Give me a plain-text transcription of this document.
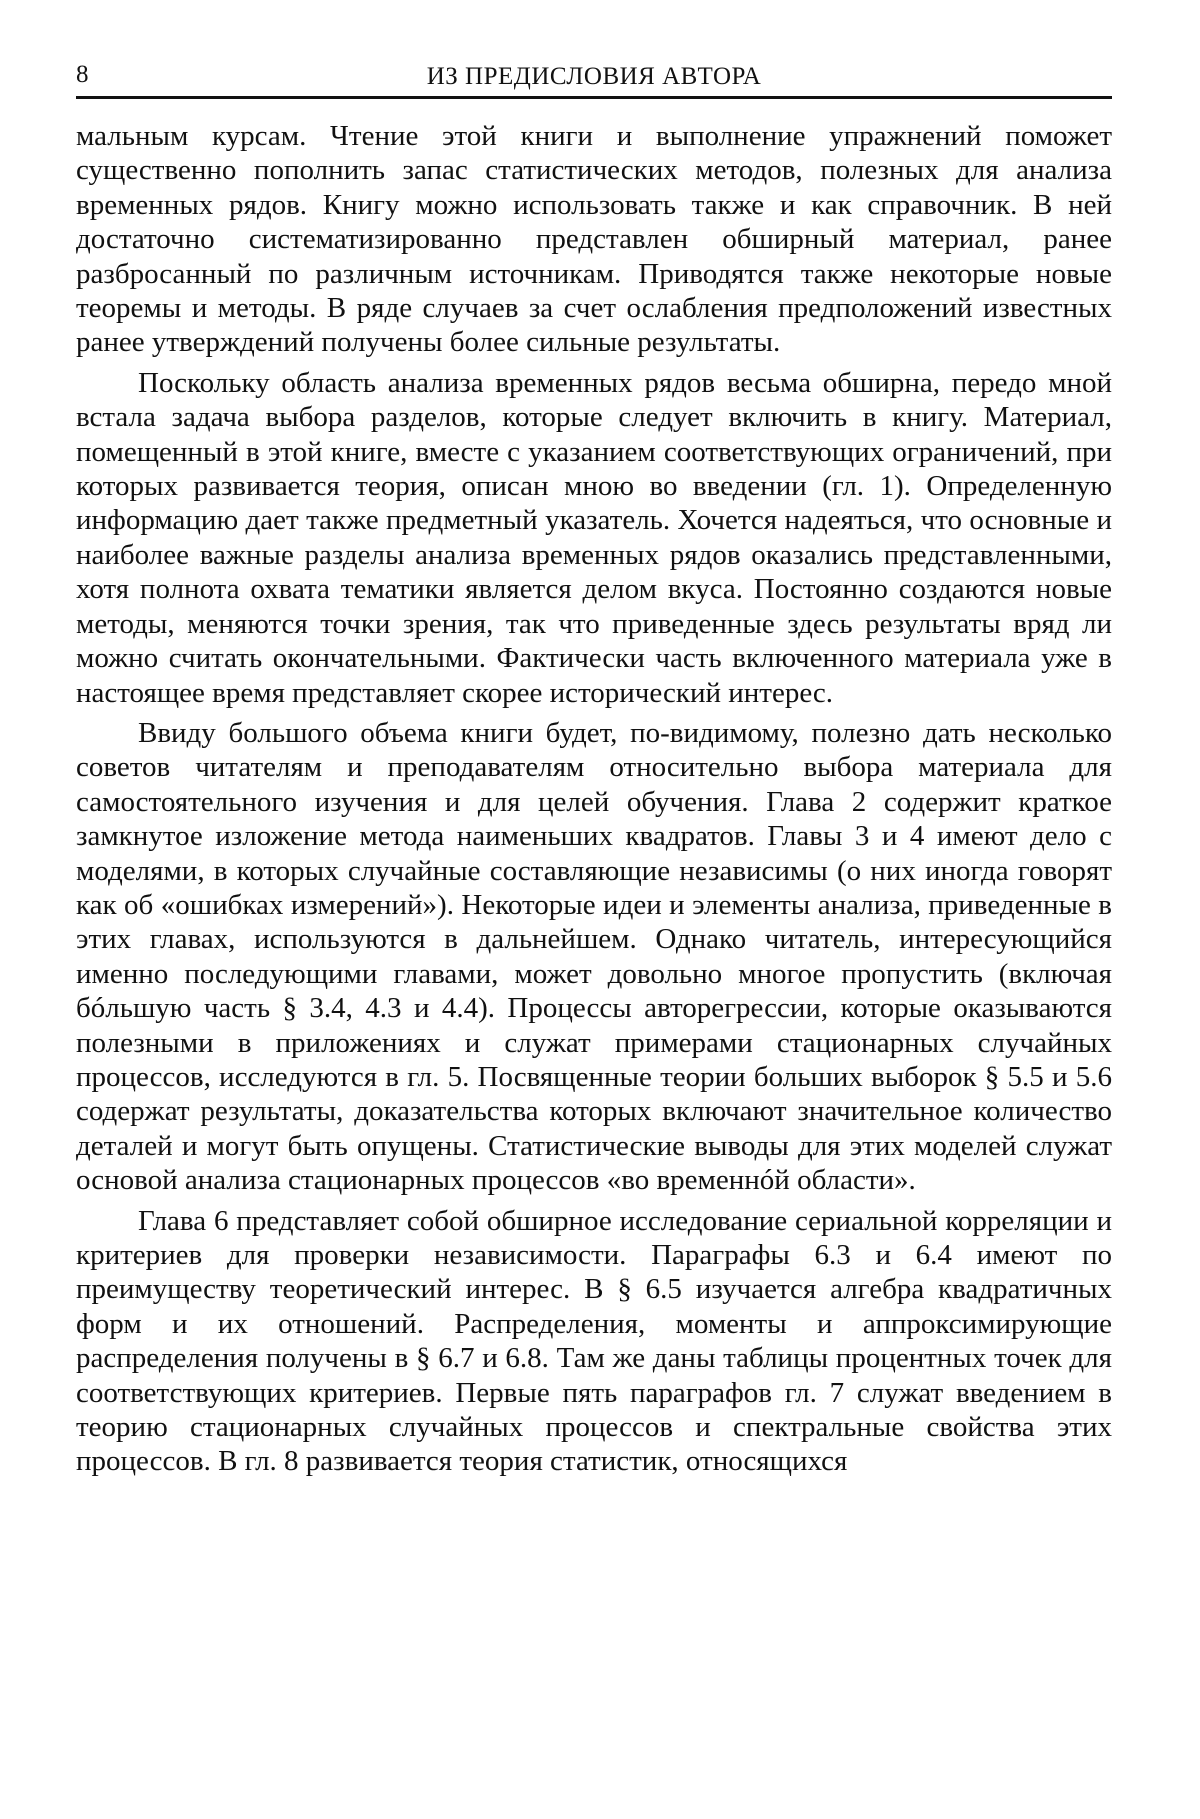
8	ИЗ ПРЕДИСЛОВИЯ АВТОРА

мальным курсам. Чтение этой книги и выполнение упражнений поможет существенно пополнить запас статистических методов, полезных для анализа временных рядов. Книгу можно использовать также и как справочник. В ней достаточно систематизированно представлен обширный материал, ранее разбросанный по различным источникам. Приводятся также некоторые новые теоремы и методы. В ряде случаев за счет ослабления предположений известных ранее утверждений получены более сильные результаты.

Поскольку область анализа временных рядов весьма обширна, передо мной встала задача выбора разделов, которые следует включить в книгу. Материал, помещенный в этой книге, вместе с указанием соответствующих ограничений, при которых развивается теория, описан мною во введении (гл. 1). Определенную информацию дает также предметный указатель. Хочется надеяться, что основные и наиболее важные разделы анализа временных рядов оказались представленными, хотя полнота охвата тематики является делом вкуса. Постоянно создаются новые методы, меняются точки зрения, так что приведенные здесь результаты вряд ли можно считать окончательными. Фактически часть включенного материала уже в настоящее время представляет скорее исторический интерес.

Ввиду большого объема книги будет, по-видимому, полезно дать несколько советов читателям и преподавателям относительно выбора материала для самостоятельного изучения и для целей обучения. Глава 2 содержит краткое замкнутое изложение метода наименьших квадратов. Главы 3 и 4 имеют дело с моделями, в которых случайные составляющие независимы (о них иногда говорят как об «ошибках измерений»). Некоторые идеи и элементы анализа, приведенные в этих главах, используются в дальнейшем. Однако читатель, интересующийся именно последующими главами, может довольно многое пропустить (включая бóльшую часть § 3.4, 4.3 и 4.4). Процессы авторегрессии, которые оказываются полезными в приложениях и служат примерами стационарных случайных процессов, исследуются в гл. 5. Посвященные теории больших выборок § 5.5 и 5.6 содержат результаты, доказательства которых включают значительное количество деталей и могут быть опущены. Статистические выводы для этих моделей служат основой анализа стационарных процессов «во временнóй области».

Глава 6 представляет собой обширное исследование сериальной корреляции и критериев для проверки независимости. Параграфы 6.3 и 6.4 имеют по преимуществу теоретический интерес. В § 6.5 изучается алгебра квадратичных форм и их отношений. Распределения, моменты и аппроксимирующие распределения получены в § 6.7 и 6.8. Там же даны таблицы процентных точек для соответствующих критериев. Первые пять параграфов гл. 7 служат введением в теорию стационарных случайных процессов и спектральные свойства этих процессов. В гл. 8 развивается теория статистик, относящихся
